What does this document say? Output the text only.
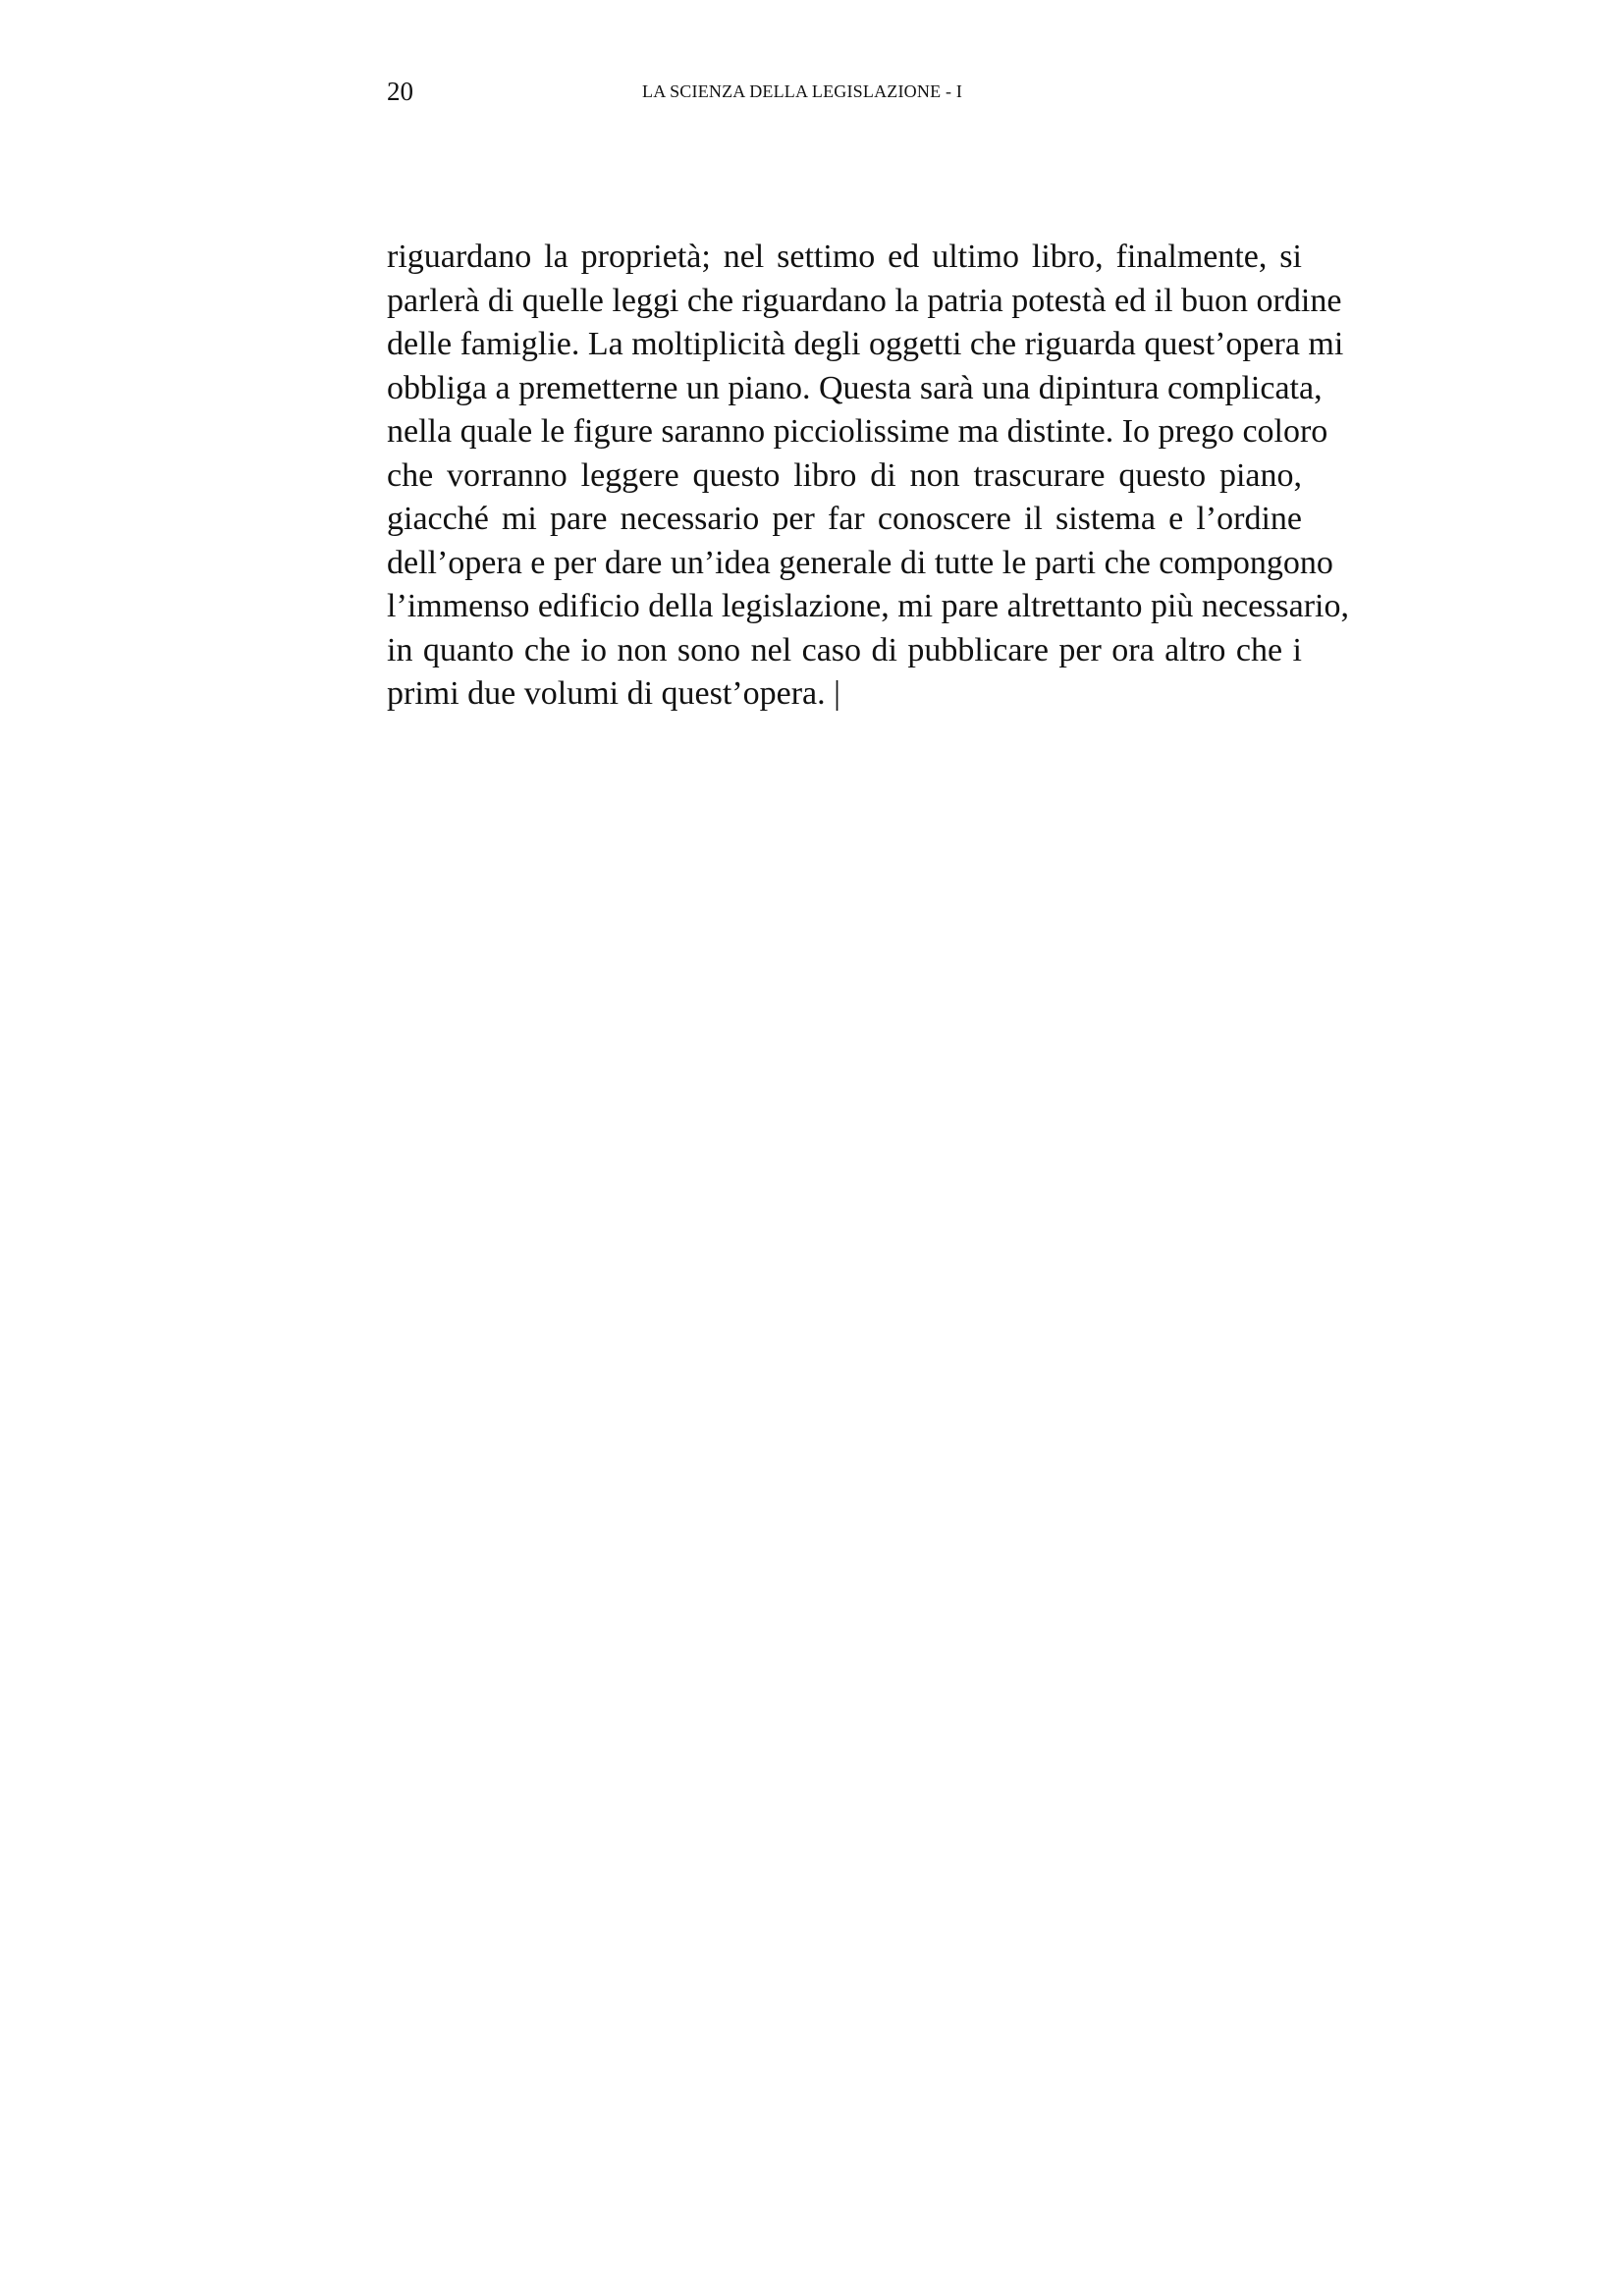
20	LA SCIENZA DELLA LEGISLAZIONE - I
riguardano la proprietà; nel settimo ed ultimo libro, finalmente, si
parlerà di quelle leggi che riguardano la patria potestà ed il buon ordine
delle famiglie. La moltiplicità degli oggetti che riguarda quest’opera mi
obbliga a premetterne un piano. Questa sarà una dipintura complicata,
nella quale le figure saranno picciolissime ma distinte. Io prego coloro
che vorranno leggere questo libro di non trascurare questo piano,
giacché mi pare necessario per far conoscere il sistema e l’ordine
dell’opera e per dare un’idea generale di tutte le parti che compongono
l’immenso edificio della legislazione, mi pare altrettanto più necessario,
in quanto che io non sono nel caso di pubblicare per ora altro che i
primi due volumi di quest’opera. |
